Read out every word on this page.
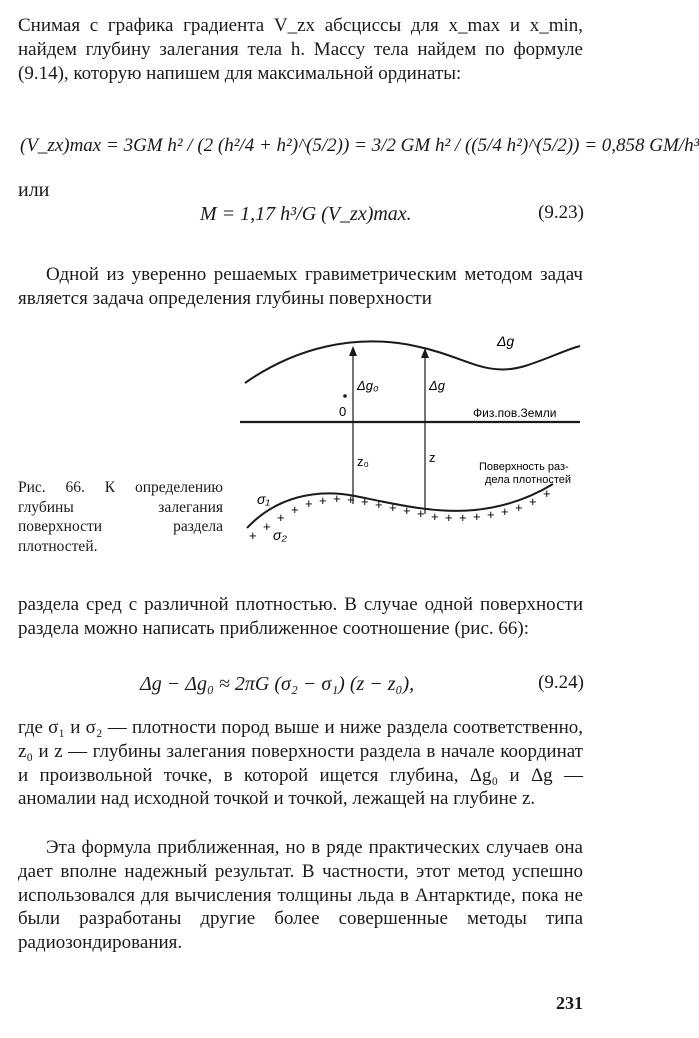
Снимая с графика градиента V_zx абсциссы для x_max и x_min, найдем глубину залегания тела h. Массу тела найдем по формуле (9.14), которую напишем для максимальной ординаты:

(V_zx)max = 3GM h² / (2 (h²/4 + h²)^(5/2)) = 3/2 GM h² / ((5/4 h²)^(5/2)) = 0,858 GM/h³
или
M = 1,17 h³/G (V_zx)max.	(9.23)

Одной из уверенно решаемых гравиметрическим методом задач является задача определения глубины поверхности

Δg
Δg₀	Δg
0	Физ.пов.Земли
z₀	z
Поверхность раз-
дела плотностей
+
+
+
+ + + + + + + + + + + + + + + + + +
+
σ₁
σ₂

Рис. 66. К определению глубины залегания поверхности раздела плотностей.

раздела сред с различной плотностью. В случае одной поверхности раздела можно написать приближенное соотношение (рис. 66):

Δg − Δg₀ ≈ 2πG (σ₂ − σ₁) (z − z₀),	(9.24)

где σ₁ и σ₂ — плотности пород выше и ниже раздела соответственно, z₀ и z — глубины залегания поверхности раздела в начале координат и произвольной точке, в которой ищется глубина, Δg₀ и Δg — аномалии над исходной точкой и точкой, лежащей на глубине z.

Эта формула приближенная, но в ряде практических случаев она дает вполне надежный результат. В частности, этот метод успешно использовался для вычисления толщины льда в Антарктиде, пока не были разработаны другие более совершенные методы типа радиозондирования.

231
